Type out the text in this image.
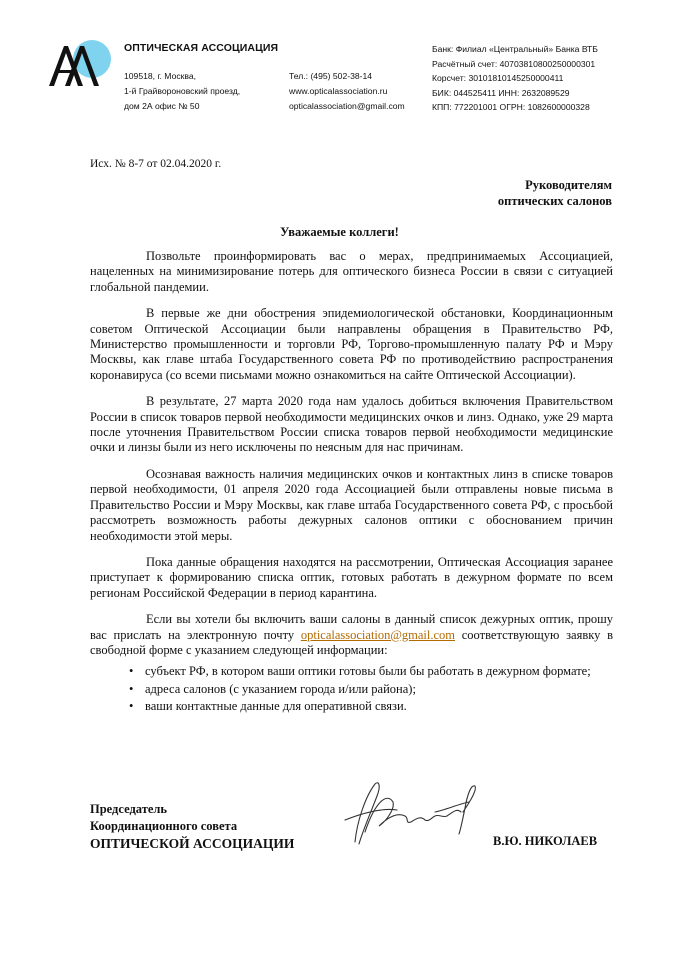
ОПТИЧЕСКАЯ АССОЦИАЦИЯ
109518, г. Москва,
1-й Грайвороновский проезд,
дом 2А офис № 50
Тел.: (495) 502-38-14
www.opticalassociation.ru
opticalassociation@gmail.com
Банк: Филиал «Центральный» Банка ВТБ
Расчётный счет: 40703810800250000301
Корсчет: 30101810145250000411
БИК: 044525411 ИНН: 2632089529
КПП: 772201001 ОГРН: 1082600000328
Исх. № 8-7 от 02.04.2020 г.
Руководителям
оптических салонов
Уважаемые коллеги!

Позвольте проинформировать вас о мерах, предпринимаемых Ассоциацией, нацеленных на минимизирование потерь для оптического бизнеса России в связи с ситуацией глобальной пандемии.

В первые же дни обострения эпидемиологической обстановки, Координационным советом Оптической Ассоциации были направлены обращения в Правительство РФ, Министерство промышленности и торговли РФ, Торгово-промышленную палату РФ и Мэру Москвы, как главе штаба Государственного совета РФ по противодействию распространения коронавируса (со всеми письмами можно ознакомиться на сайте Оптической Ассоциации).

В результате, 27 марта 2020 года нам удалось добиться включения Правительством России в список товаров первой необходимости медицинских очков и линз. Однако, уже 29 марта после уточнения Правительством России списка товаров первой необходимости медицинские очки и линзы были из него исключены по неясным для нас причинам.

Осознавая важность наличия медицинских очков и контактных линз в списке товаров первой необходимости, 01 апреля 2020 года Ассоциацией были отправлены новые письма в Правительство России и Мэру Москвы, как главе штаба Государственного совета РФ, с просьбой рассмотреть возможность работы дежурных салонов оптики с обоснованием причин необходимости этой меры.

Пока данные обращения находятся на рассмотрении, Оптическая Ассоциация заранее приступает к формированию списка оптик, готовых работать в дежурном формате по всем регионам Российской Федерации в период карантина.

Если вы хотели бы включить ваши салоны в данный список дежурных оптик, прошу вас прислать на электронную почту opticalassociation@gmail.com соответствующую заявку в свободной форме с указанием следующей информации:

• субъект РФ, в котором ваши оптики готовы были бы работать в дежурном формате;
• адреса салонов (с указанием города и/или района);
• ваши контактные данные для оперативной связи.
Председатель
Координационного совета
ОПТИЧЕСКОЙ АССОЦИАЦИИ	В.Ю. НИКОЛАЕВ
